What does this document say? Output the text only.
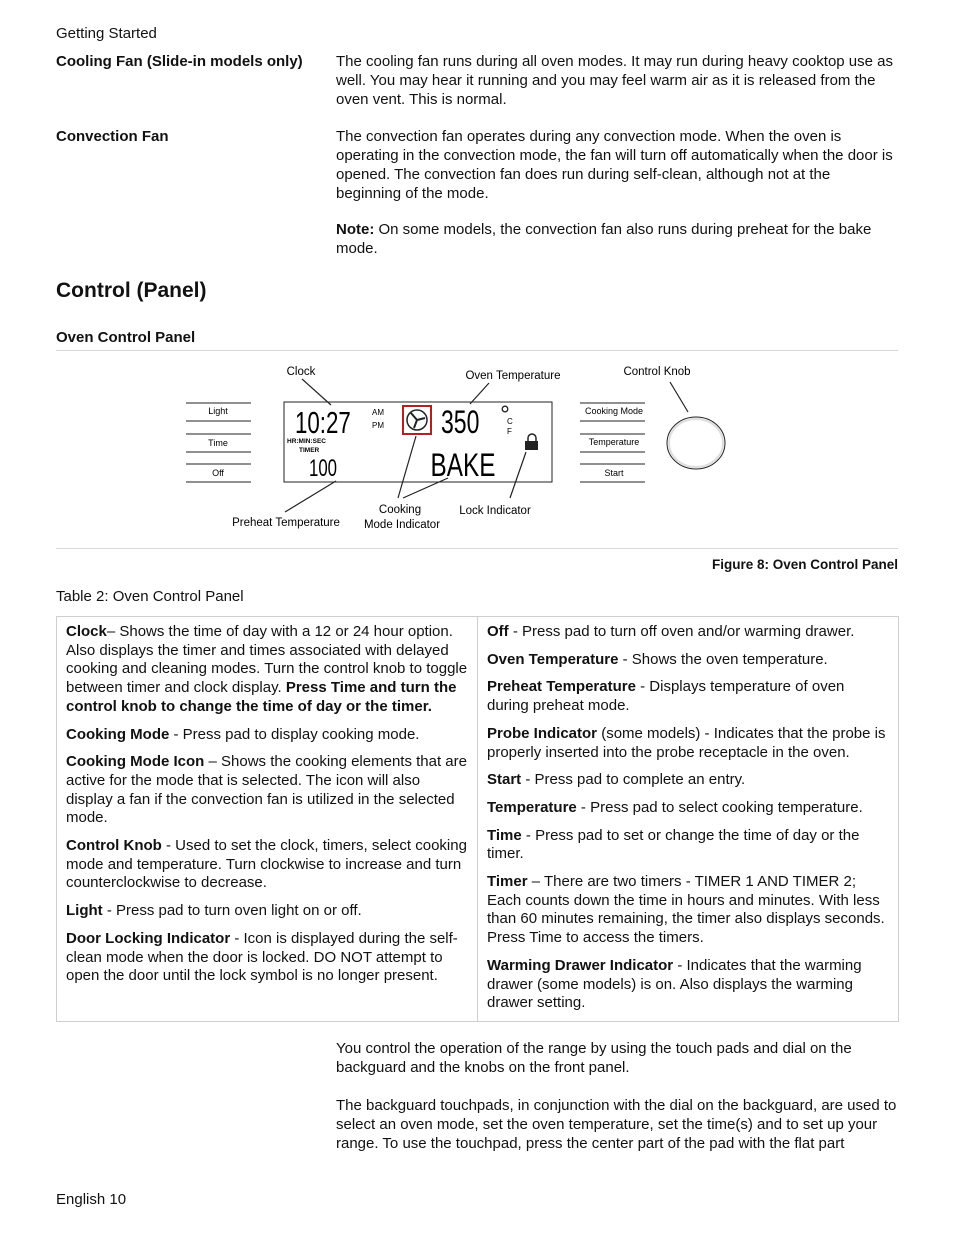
Getting Started
Cooling Fan (Slide-in models only)	The cooling fan runs during all oven modes. It may run during heavy cooktop use as well. You may hear it running and you may feel warm air as it is released from the oven vent. This is normal.
Convection Fan	The convection fan operates during any convection mode. When the oven is operating in the convection mode, the fan will turn off automatically when the door is opened. The convection fan does run during self-clean, although not at the beginning of the mode.
Note: On some models, the convection fan also runs during preheat for the bake mode.
Control (Panel)
Oven Control Panel
Light
Time
Off
Cooking Mode
Temperature
Start
10:27	AM
PM
HR:MIN:SEC
TIMER
100
350	C
F
BAKE
Clock	Oven Temperature	Control Knob
Preheat Temperature
Cooking
Mode Indicator
Lock Indicator
Figure 8: Oven Control Panel
Table 2: Oven Control Panel
Clock– Shows the time of day with a 12 or 24 hour option. Also displays the timer and times associated with delayed cooking and cleaning modes. Turn the control knob to toggle between timer and clock display. Press Time and turn the control knob to change the time of day or the timer.
Cooking Mode - Press pad to display cooking mode.
Cooking Mode Icon – Shows the cooking elements that are active for the mode that is selected. The icon will also display a fan if the convection fan is utilized in the selected mode.
Control Knob - Used to set the clock, timers, select cooking mode and temperature. Turn clockwise to increase and turn counterclockwise to decrease.
Light - Press pad to turn oven light on or off.
Door Locking Indicator - Icon is displayed during the self-clean mode when the door is locked. DO NOT attempt to open the door until the lock symbol is no longer present.

Off - Press pad to turn off oven and/or warming drawer.
Oven Temperature - Shows the oven temperature.
Preheat Temperature - Displays temperature of oven during preheat mode.
Probe Indicator (some models) - Indicates that the probe is properly inserted into the probe receptacle in the oven.
Start - Press pad to complete an entry.
Temperature - Press pad to select cooking temperature.
Time - Press pad to set or change the time of day or the timer.
Timer – There are two timers - TIMER 1 AND TIMER 2; Each counts down the time in hours and minutes. With less than 60 minutes remaining, the timer also displays seconds. Press Time to access the timers.
Warming Drawer Indicator - Indicates that the warming drawer (some models) is on. Also displays the warming drawer setting.
You control the operation of the range by using the touch pads and dial on the backguard and the knobs on the front panel.
The backguard touchpads, in conjunction with the dial on the backguard, are used to select an oven mode, set the oven temperature, set the time(s) and to set up your range. To use the touchpad, press the center part of the pad with the flat part
English 10
